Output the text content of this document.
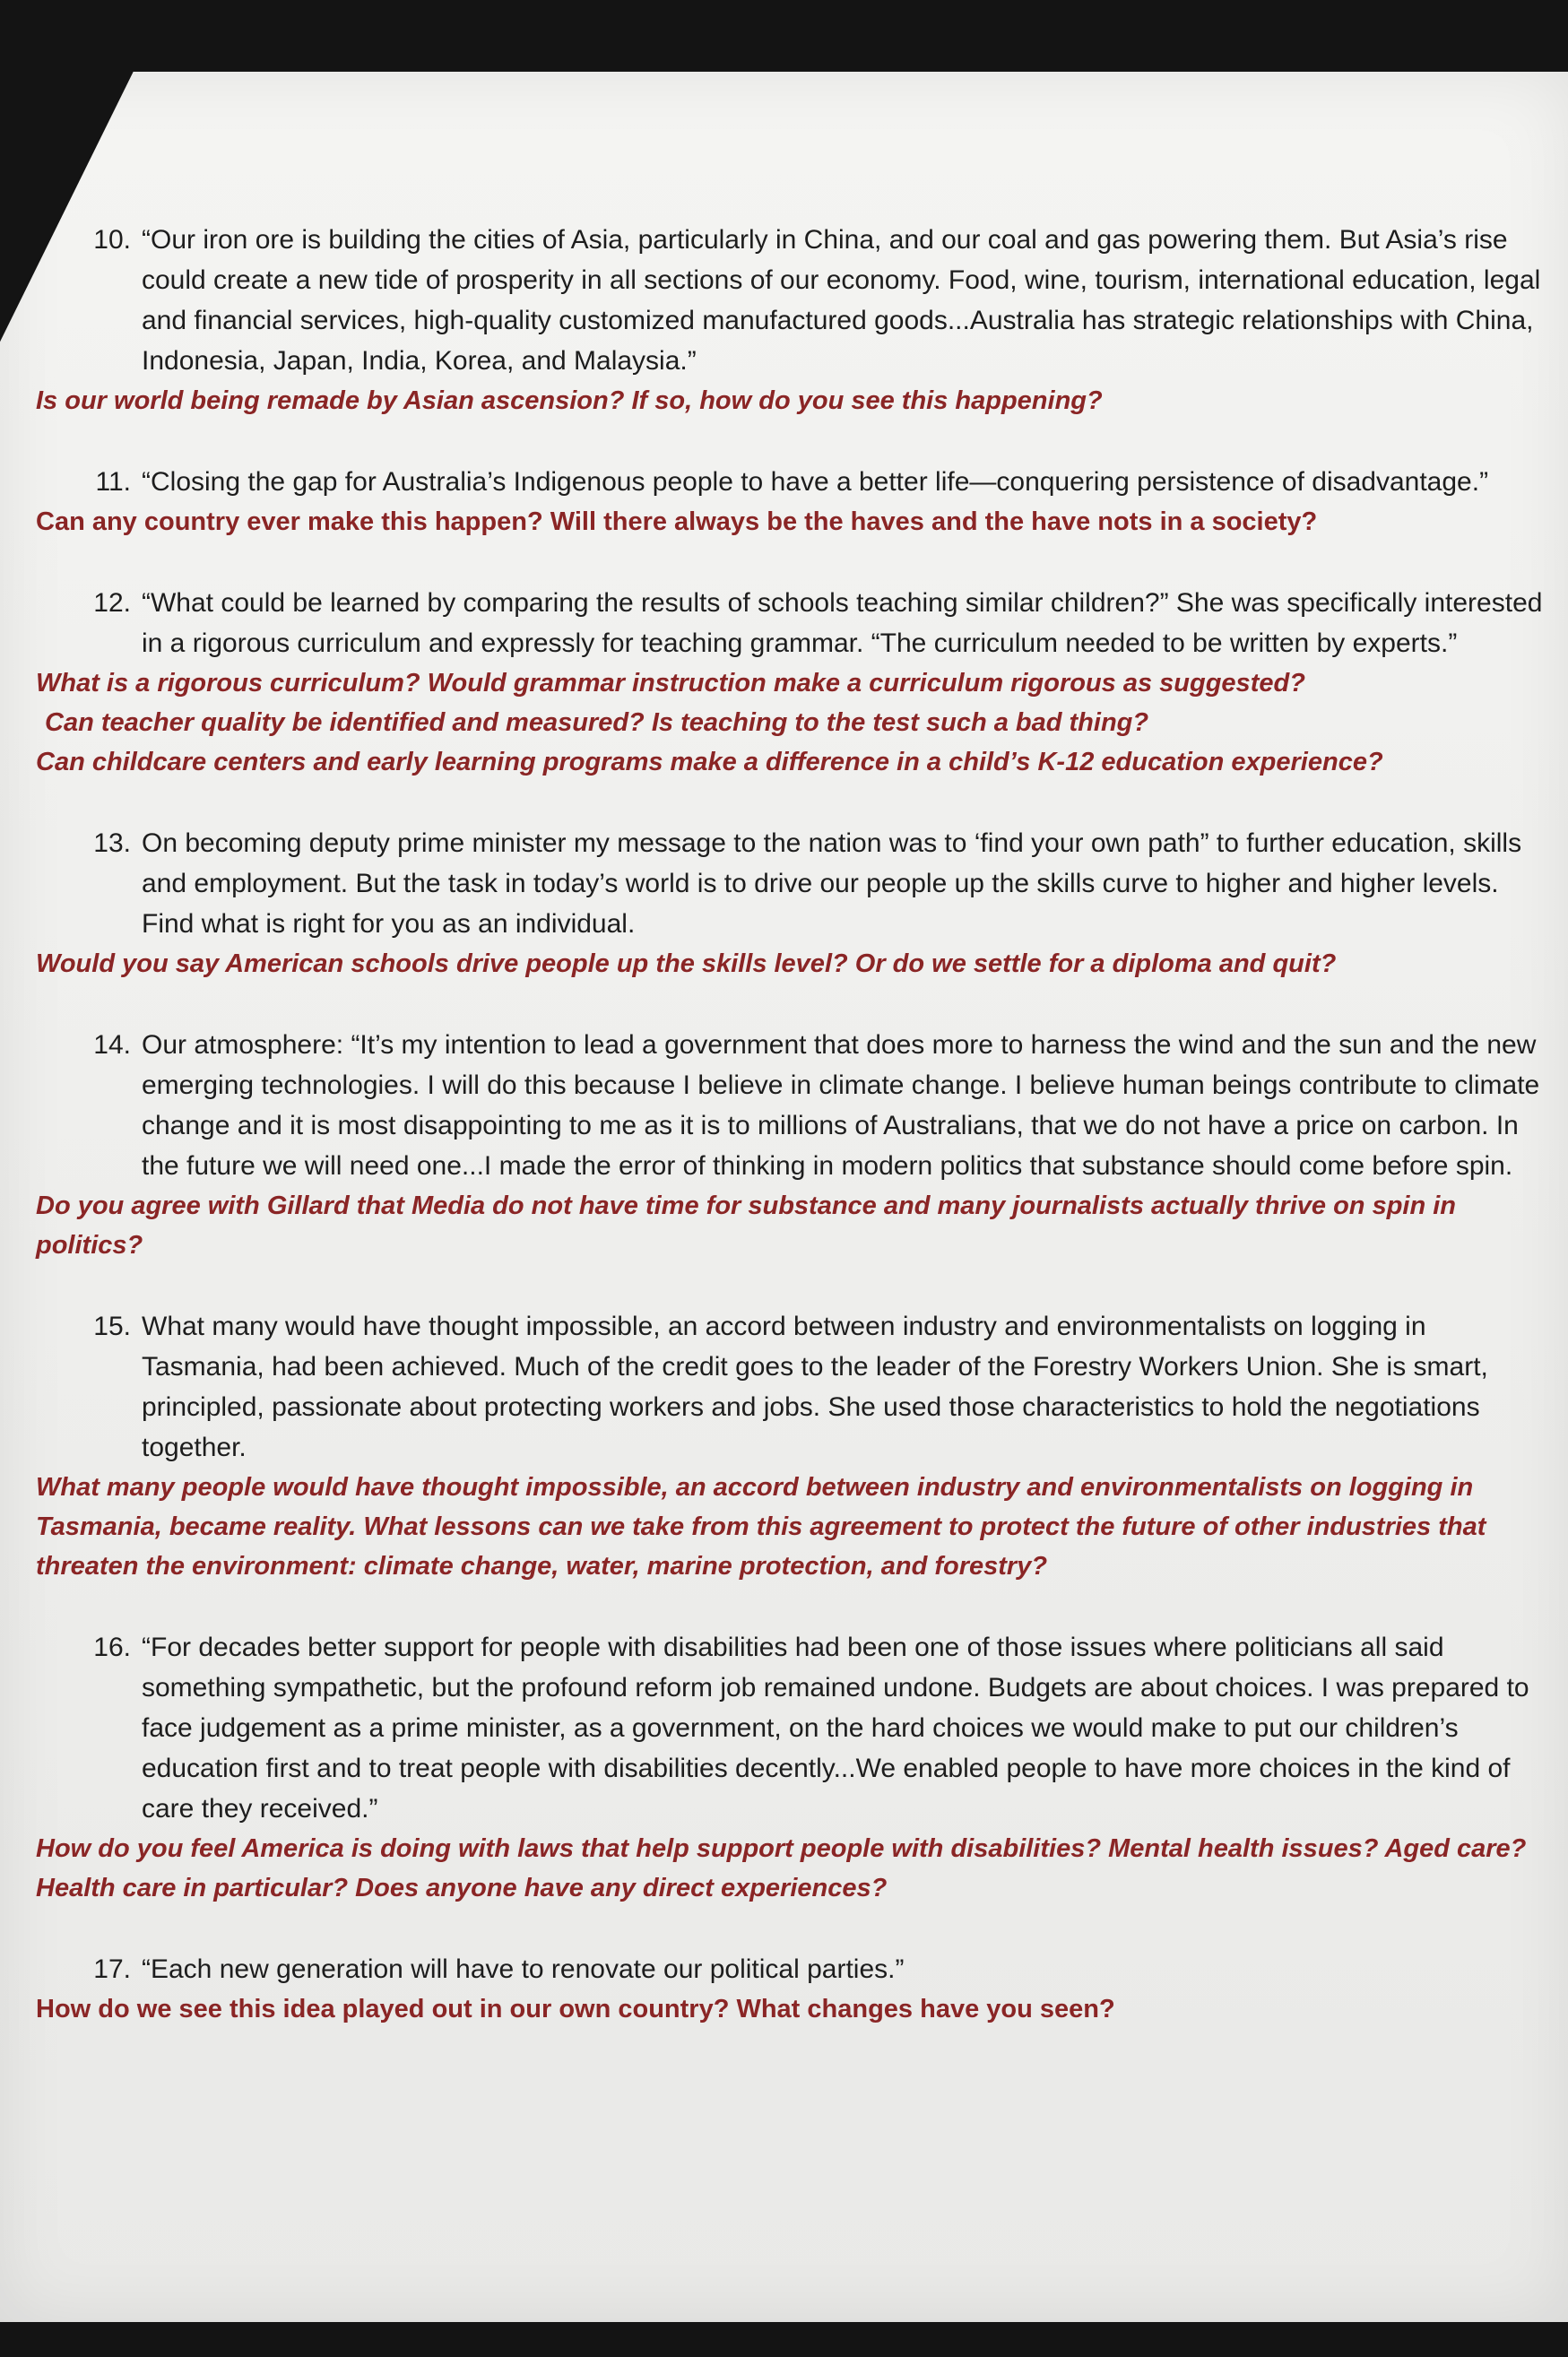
10. “Our iron ore is building the cities of Asia, particularly in China, and our coal and gas powering them. But Asia’s rise could create a new tide of prosperity in all sections of our economy. Food, wine, tourism, international education, legal and financial services, high-quality customized manufactured goods...Australia has strategic relationships with China, Indonesia, Japan, India, Korea, and Malaysia.”
Is our world being remade by Asian ascension? If so, how do you see this happening?
11. “Closing the gap for Australia’s Indigenous people to have a better life—conquering persistence of disadvantage.”
Can any country ever make this happen? Will there always be the haves and the have nots in a society?
12. “What could be learned by comparing the results of schools teaching similar children?” She was specifically interested in a rigorous curriculum and expressly for teaching grammar. “The curriculum needed to be written by experts.”
What is a rigorous curriculum? Would grammar instruction make a curriculum rigorous as suggested?
Can teacher quality be identified and measured? Is teaching to the test such a bad thing?
Can childcare centers and early learning programs make a difference in a child’s K-12 education experience?
13. On becoming deputy prime minister my message to the nation was to ‘find your own path” to further education, skills and employment. But the task in today’s world is to drive our people up the skills curve to higher and higher levels. Find what is right for you as an individual.
Would you say American schools drive people up the skills level? Or do we settle for a diploma and quit?
14. Our atmosphere: “It’s my intention to lead a government that does more to harness the wind and the sun and the new emerging technologies. I will do this because I believe in climate change. I believe human beings contribute to climate change and it is most disappointing to me as it is to millions of Australians, that we do not have a price on carbon. In the future we will need one...I made the error of thinking in modern politics that substance should come before spin.
Do you agree with Gillard that Media do not have time for substance and many journalists actually thrive on spin in politics?
15. What many would have thought impossible, an accord between industry and environmentalists on logging in Tasmania, had been achieved. Much of the credit goes to the leader of the Forestry Workers Union. She is smart, principled, passionate about protecting workers and jobs. She used those characteristics to hold the negotiations together.
What many people would have thought impossible, an accord between industry and environmentalists on logging in Tasmania, became reality. What lessons can we take from this agreement to protect the future of other industries that threaten the environment: climate change, water, marine protection, and forestry?
16. “For decades better support for people with disabilities had been one of those issues where politicians all said something sympathetic, but the profound reform job remained undone. Budgets are about choices. I was prepared to face judgement as a prime minister, as a government, on the hard choices we would make to put our children’s education first and to treat people with disabilities decently...We enabled people to have more choices in the kind of care they received.”
How do you feel America is doing with laws that help support people with disabilities? Mental health issues? Aged care? Health care in particular? Does anyone have any direct experiences?
17. “Each new generation will have to renovate our political parties.”
How do we see this idea played out in our own country? What changes have you seen?
